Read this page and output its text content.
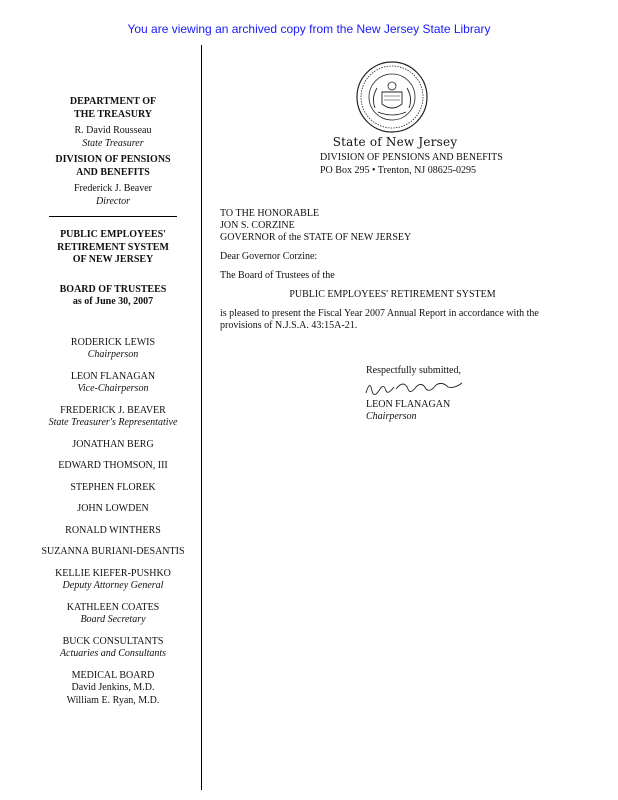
You are viewing an archived copy from the New Jersey State Library
DEPARTMENT OF
THE TREASURY
R. David Rousseau
State Treasurer
DIVISION OF PENSIONS
AND BENEFITS
Frederick J. Beaver
Director
PUBLIC EMPLOYEES'
RETIREMENT SYSTEM
OF NEW JERSEY
BOARD OF TRUSTEES
as of June 30, 2007
RODERICK LEWIS
Chairperson
LEON FLANAGAN
Vice-Chairperson
FREDERICK J. BEAVER
State Treasurer's Representative
JONATHAN BERG
EDWARD THOMSON, III
STEPHEN FLOREK
JOHN LOWDEN
RONALD WINTHERS
SUZANNA BURIANI-DESANTIS
KELLIE KIEFER-PUSHKO
Deputy Attorney General
KATHLEEN COATES
Board Secretary
BUCK CONSULTANTS
Actuaries and Consultants
MEDICAL BOARD
David Jenkins, M.D.
William E. Ryan, M.D.
State of New Jersey
DIVISION OF PENSIONS AND BENEFITS
PO Box 295 • Trenton, NJ 08625-0295
TO THE HONORABLE
JON S. CORZINE
GOVERNOR of the STATE OF NEW JERSEY
Dear Governor Corzine:
The Board of Trustees of the
PUBLIC EMPLOYEES' RETIREMENT SYSTEM
is pleased to present the Fiscal Year 2007 Annual Report in accordance with the provisions of N.J.S.A. 43:15A-21.
Respectfully submitted,
LEON FLANAGAN
Chairperson
